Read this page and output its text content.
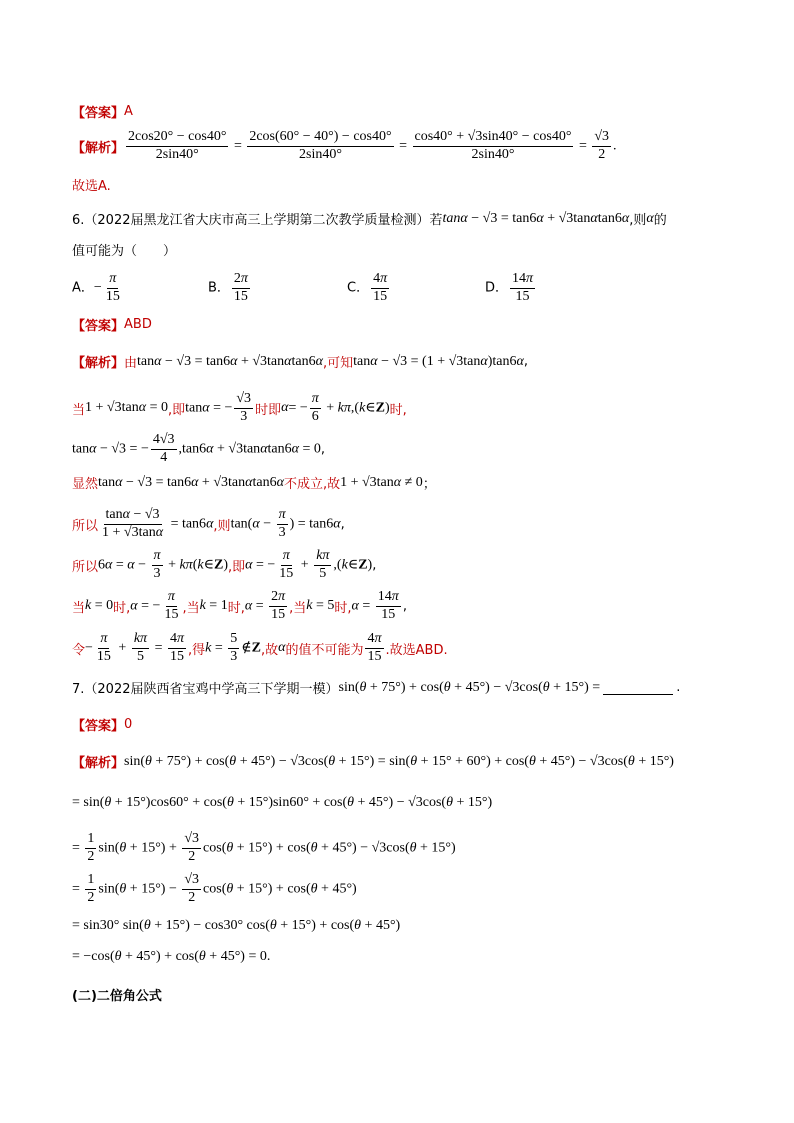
【答案】 A
【解析】 $\frac{2\cos 20^\circ - \cos 40^\circ}{2\sin 40^\circ} = \frac{2\cos(60^\circ - 40^\circ) - \cos 40^\circ}{2\sin 40^\circ} = \frac{\cos 40^\circ + √3\sin 40^\circ - \cos 40^\circ}{2\sin 40^\circ} = \frac{√3}{2}$ .
故选A.
6.（2022届黑龙江省大庆市高三上学期第二次教学质量检测）若 tanα − √3 = tan6α + √3tanαtan6α ,则 α 的
值可能为（　　）
A．− $\frac{\pi}{15}$	B． $\frac{2\pi}{15}$	C． $\frac{4\pi}{15}$	D． $\frac{14\pi}{15}$
【答案】 ABD
【解析】 由 tanα − √3 = tan6α + √3tanαtan6α ,可知 tanα − √3 = (1 + √3tanα)tan6α ,
当 1 + √3tanα = 0 ,即 tanα = − $\frac{√3}{3}$ 时即 α = − $\frac{\pi}{6}$ + kπ,(k∈Z) 时,
tanα − √3 = − $\frac{4√3}{4} ,\tan 6\alpha + √3\tan\alpha\tan 6\alpha = 0$ ,
显然 tanα − √3 = tan6α + √3tanαtan6α 不成立,故 1 + √3tanα ≠ 0 ；
所以 $\frac{\tan\alpha - √3}{1 + √3\tan\alpha} = \tan 6\alpha$ ,则 $\tan(\alpha - \frac{\pi}{3}$ ) = tan6α ,
所以 $6\alpha = \alpha - \frac{\pi}{3}$ + kπ(k∈Z) ,即 α = − $\frac{\pi}{15} + \frac{k\pi}{5}$ ,(k∈Z) ,
当 k = 0 时, α = − $\frac{\pi}{15}$ ,当 k = 1 时, $\alpha = \frac{2\pi}{15}$ ,当 k = 5 时, $\alpha = \frac{14\pi}{15}$ ,
令 − $\frac{\pi}{15} + \frac{k\pi}{5} = \frac{4\pi}{15}$ ,得 $k = \frac{5}{3}$ ∉Z ,故 α 的值不可能为 $\frac{4\pi}{15}$ .故选ABD.
7.（2022届陕西省宝鸡中学高三下学期一模） sin(θ + 75°) + cos(θ + 45°) − √3cos(θ + 15°) =	.
【答案】 0
【解析】 sin(θ + 75°) + cos(θ + 45°) − √3cos(θ + 15°) = sin(θ + 15° + 60°) + cos(θ + 45°) − √3cos(θ + 15°)
= sin(θ + 15°)cos60° + cos(θ + 15°)sin60° + cos(θ + 45°) − √3cos(θ + 15°)
= $\frac{1}{2} \sin(\theta + 15^\circ) + \frac{√3}{2} \cos(\theta + 15^\circ) + \cos(\theta + 45^\circ) - √3\cos(\theta + 15^\circ)$
= $\frac{1}{2} \sin(\theta + 15^\circ) - \frac{√3}{2} \cos(\theta + 15^\circ) + \cos(\theta + 45^\circ)$
= sin30° sin(θ + 15°) − cos30° cos(θ + 15°) + cos(θ + 45°)
= −cos(θ + 45°) + cos(θ + 45°) = 0.
(二)二倍角公式
